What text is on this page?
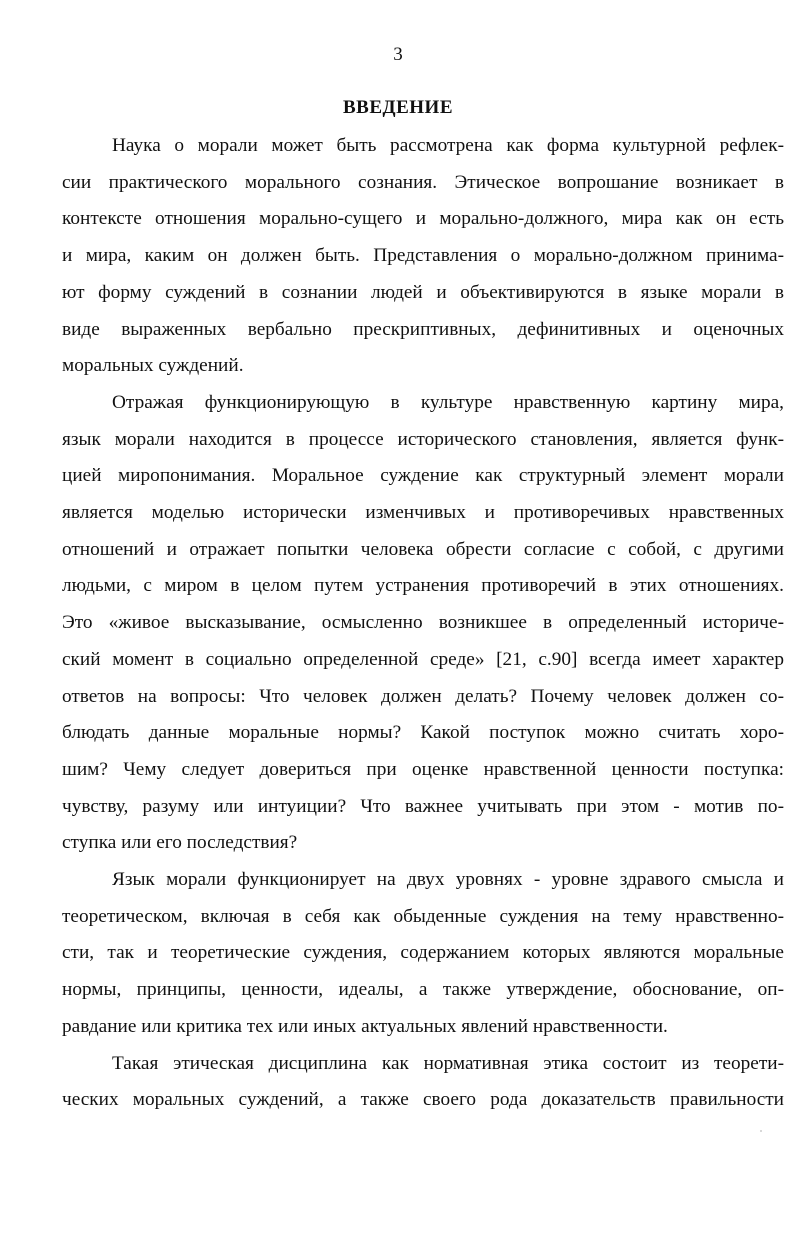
3
ВВЕДЕНИЕ
Наука о морали может быть рассмотрена как форма культурной рефлек-
сии практического морального сознания. Этическое вопрошание возникает в
контексте отношения морально-сущего и морально-должного, мира как он есть
и мира, каким он должен быть. Представления о морально-должном принима-
ют форму суждений в сознании людей и объективируются в языке морали в
виде выраженных вербально прескриптивных, дефинитивных и оценочных
моральных суждений.
Отражая функционирующую в культуре нравственную картину мира,
язык морали находится в процессе исторического становления, является функ-
цией миропонимания. Моральное суждение как структурный элемент морали
является моделью исторически изменчивых и противоречивых нравственных
отношений и отражает попытки человека обрести согласие с собой, с другими
людьми, с миром в целом путем устранения противоречий в этих отношениях.
Это «живое высказывание, осмысленно возникшее в определенный историче-
ский момент в социально определенной среде» [21, с.90] всегда имеет характер
ответов на вопросы: Что человек должен делать? Почему человек должен со-
блюдать данные моральные нормы? Какой поступок можно считать хоро-
шим? Чему следует довериться при оценке нравственной ценности поступка:
чувству, разуму или интуиции? Что важнее учитывать при этом - мотив по-
ступка или его последствия?
Язык морали функционирует на двух уровнях - уровне здравого смысла и
теоретическом, включая в себя как обыденные суждения на тему нравственно-
сти, так и теоретические суждения, содержанием которых являются моральные
нормы, принципы, ценности, идеалы, а также утверждение, обоснование, оп-
равдание или критика тех или иных актуальных явлений нравственности.
Такая этическая дисциплина как нормативная этика состоит из теорети-
ческих моральных суждений, а также своего рода доказательств правильности
